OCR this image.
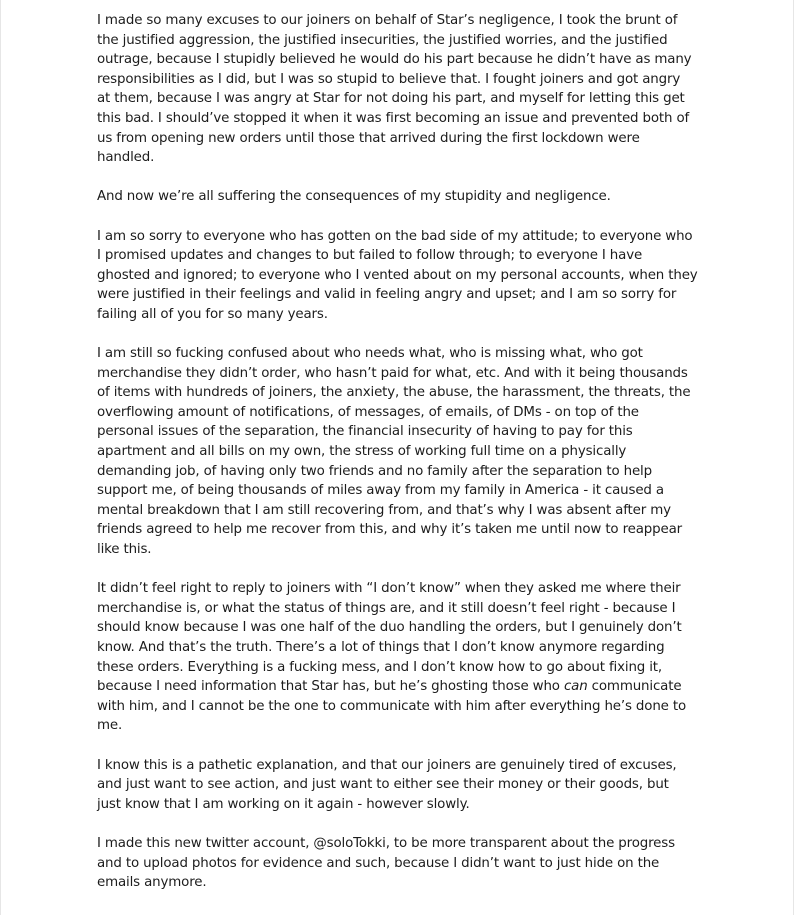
I made so many excuses to our joiners on behalf of Star’s negligence, I took the brunt of
the justified aggression, the justified insecurities, the justified worries, and the justified
outrage, because I stupidly believed he would do his part because he didn’t have as many
responsibilities as I did, but I was so stupid to believe that. I fought joiners and got angry
at them, because I was angry at Star for not doing his part, and myself for letting this get
this bad. I should’ve stopped it when it was first becoming an issue and prevented both of
us from opening new orders until those that arrived during the first lockdown were
handled.

And now we’re all suffering the consequences of my stupidity and negligence.

I am so sorry to everyone who has gotten on the bad side of my attitude; to everyone who
I promised updates and changes to but failed to follow through; to everyone I have
ghosted and ignored; to everyone who I vented about on my personal accounts, when they
were justified in their feelings and valid in feeling angry and upset; and I am so sorry for
failing all of you for so many years.

I am still so fucking confused about who needs what, who is missing what, who got
merchandise they didn’t order, who hasn’t paid for what, etc. And with it being thousands
of items with hundreds of joiners, the anxiety, the abuse, the harassment, the threats, the
overflowing amount of notifications, of messages, of emails, of DMs - on top of the
personal issues of the separation, the financial insecurity of having to pay for this
apartment and all bills on my own, the stress of working full time on a physically
demanding job, of having only two friends and no family after the separation to help
support me, of being thousands of miles away from my family in America - it caused a
mental breakdown that I am still recovering from, and that’s why I was absent after my
friends agreed to help me recover from this, and why it’s taken me until now to reappear
like this.

It didn’t feel right to reply to joiners with “I don’t know” when they asked me where their
merchandise is, or what the status of things are, and it still doesn’t feel right - because I
should know because I was one half of the duo handling the orders, but I genuinely don’t
know. And that’s the truth. There’s a lot of things that I don’t know anymore regarding
these orders. Everything is a fucking mess, and I don’t know how to go about fixing it,
because I need information that Star has, but he’s ghosting those who can communicate
with him, and I cannot be the one to communicate with him after everything he’s done to
me.

I know this is a pathetic explanation, and that our joiners are genuinely tired of excuses,
and just want to see action, and just want to either see their money or their goods, but
just know that I am working on it again - however slowly.

I made this new twitter account, @soloTokki, to be more transparent about the progress
and to upload photos for evidence and such, because I didn’t want to just hide on the
emails anymore.
